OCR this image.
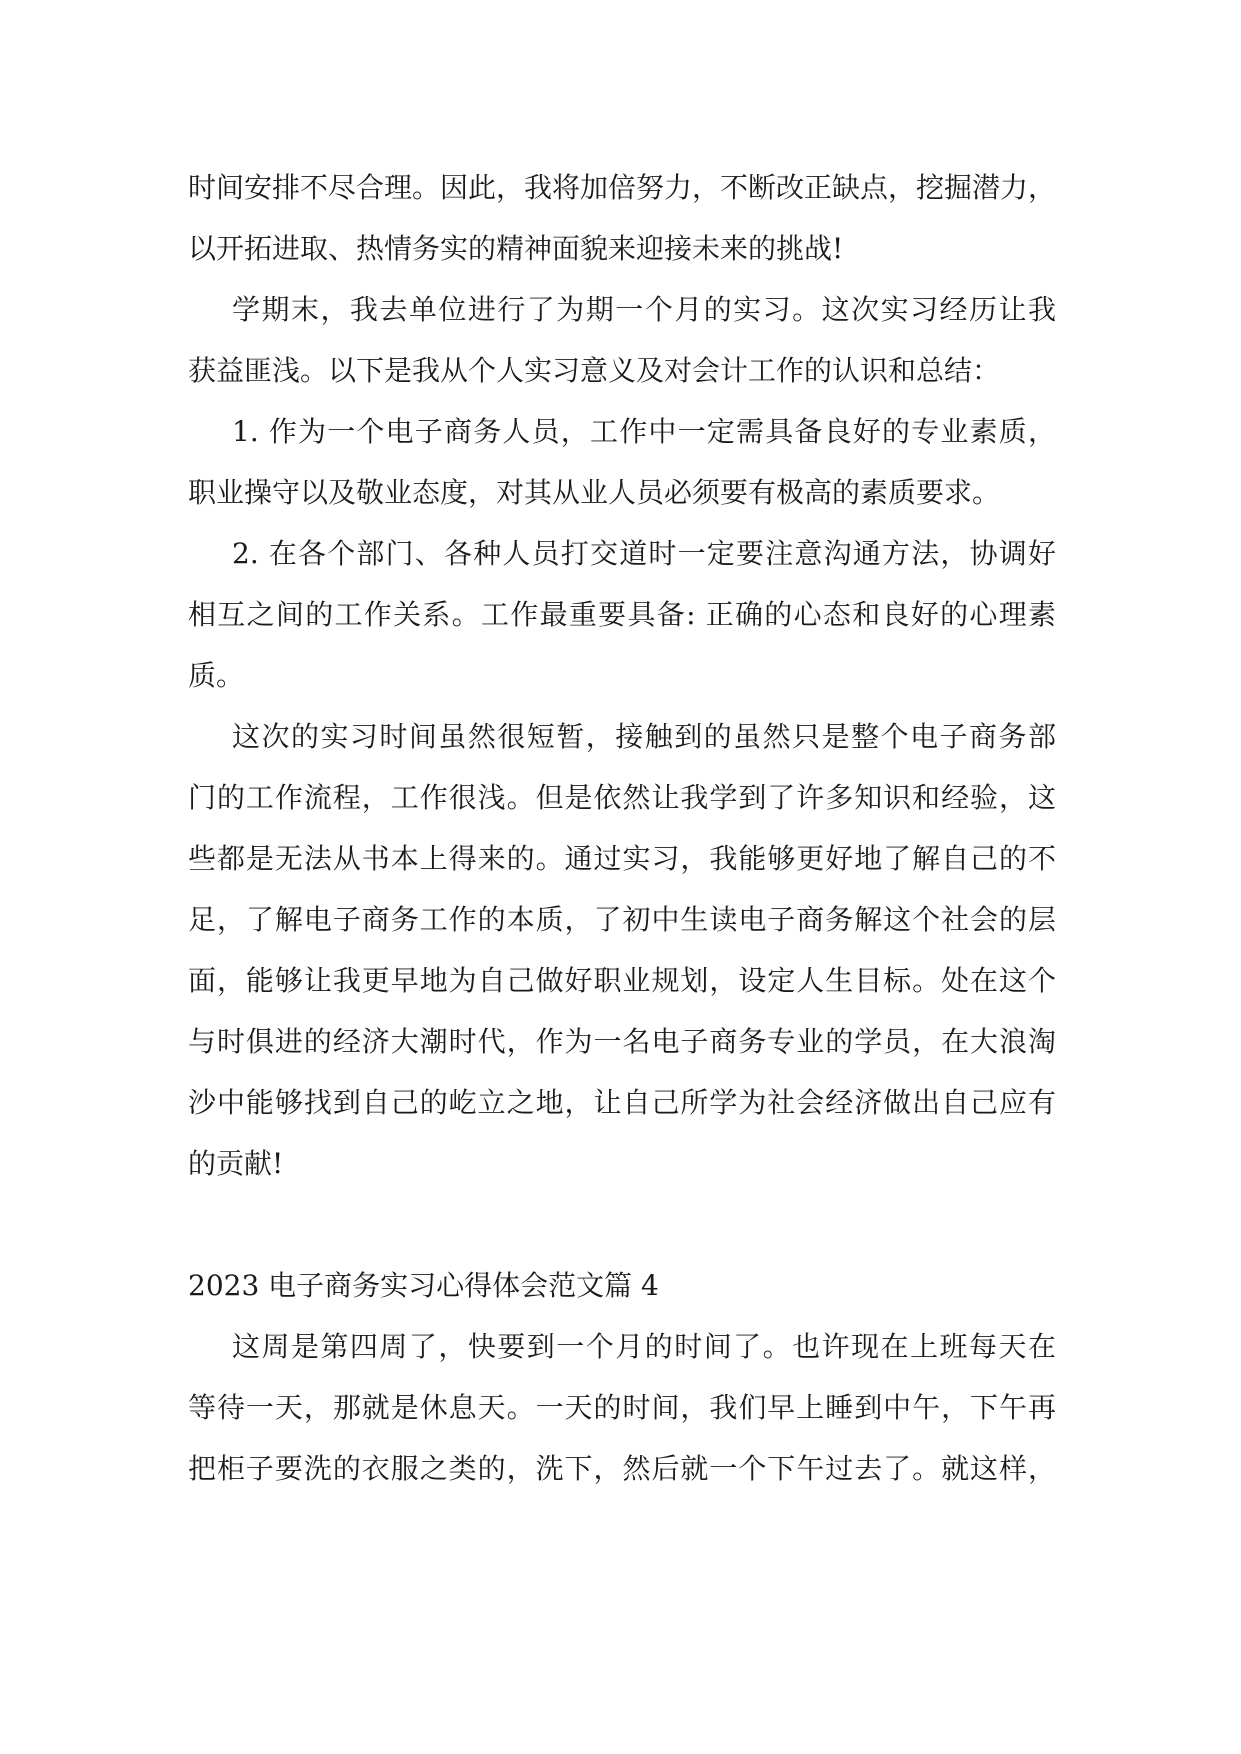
时间安排不尽合理。因此，我将加倍努力，不断改正缺点，挖掘潜力，

以开拓进取、热情务实的精神面貌来迎接未来的挑战!

学期末，我去单位进行了为期一个月的实习。这次实习经历让我

获益匪浅。以下是我从个人实习意义及对会计工作的认识和总结：

1. 作为一个电子商务人员，工作中一定需具备良好的专业素质，

职业操守以及敬业态度，对其从业人员必须要有极高的素质要求。

2. 在各个部门、各种人员打交道时一定要注意沟通方法，协调好

相互之间的工作关系。工作最重要具备: 正确的心态和良好的心理素

质。

这次的实习时间虽然很短暂，接触到的虽然只是整个电子商务部

门的工作流程，工作很浅。但是依然让我学到了许多知识和经验，这

些都是无法从书本上得来的。通过实习，我能够更好地了解自己的不

足，了解电子商务工作的本质，了初中生读电子商务解这个社会的层

面，能够让我更早地为自己做好职业规划，设定人生目标。处在这个

与时俱进的经济大潮时代，作为一名电子商务专业的学员，在大浪淘

沙中能够找到自己的屹立之地，让自己所学为社会经济做出自己应有

的贡献!

2023 电子商务实习心得体会范文篇 4

这周是第四周了，快要到一个月的时间了。也许现在上班每天在

等待一天，那就是休息天。一天的时间，我们早上睡到中午，下午再

把柜子要洗的衣服之类的，洗下，然后就一个下午过去了。就这样，
